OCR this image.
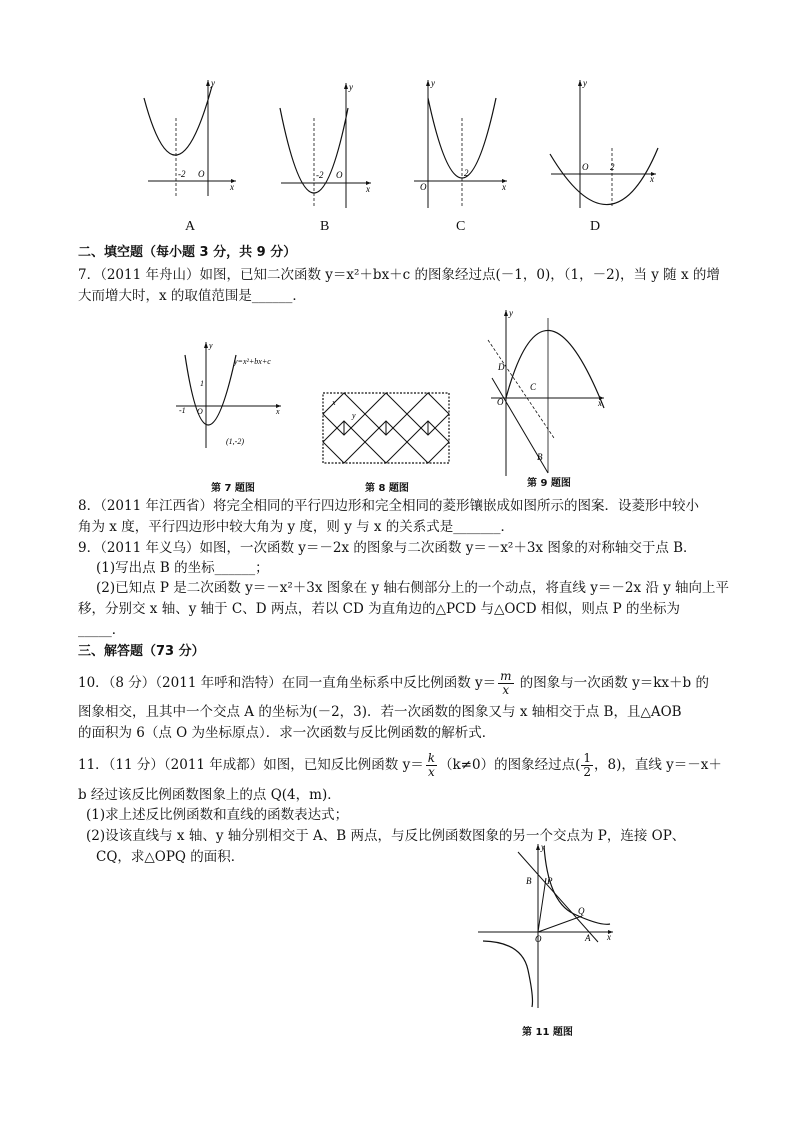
-2 O
x
y
-2 O
x
y
2
O	x
y
O 2
x
y
A	B	C	D
二、填空题（每小题 3 分，共 9 分）
7．（2011 年舟山）如图，已知二次函数 y＝x²＋bx＋c 的图象经过点(－1，0)，（1，－2)，当 y 随 x 的增
大而增大时，x 的取值范围是______．
y=x²+bx+c
1
-1 O
(1,-2)
x
y
x
y
D
C
O
B
x
y
第 7 题图	第 8 题图	第 9 题图
8．（2011 年江西省）将完全相同的平行四边形和完全相同的菱形镶嵌成如图所示的图案．设菱形中较小
角为 x 度，平行四边形中较大角为 y 度，则 y 与 x 的关系式是_______．
9．（2011 年义乌）如图，一次函数 y＝－2x 的图象与二次函数 y＝－x²＋3x 图象的对称轴交于点 B．
(1)写出点 B 的坐标______；
(2)已知点 P 是二次函数 y＝－x²＋3x 图象在 y 轴右侧部分上的一个动点，将直线 y＝－2x 沿 y 轴向上平
移，分别交 x 轴、y 轴于 C、D 两点，若以 CD 为直角边的△PCD 与△OCD 相似，则点 P 的坐标为
_____．
三、解答题（73 分）
10．（8 分）（2011 年呼和浩特）在同一直角坐标系中反比例函数 $y= \frac{m}{x}$ 的图象与一次函数 y＝kx＋b 的
图象相交，且其中一个交点 A 的坐标为(－2，3)．若一次函数的图象又与 x 轴相交于点 B，且△AOB
的面积为 6（点 O 为坐标原点）．求一次函数与反比例函数的解析式．
11．（11 分）（2011 年成都）如图，已知反比例函数 $y= \frac{k}{x} (k\ne 0)$的图象经过点( $\frac{1}{2}$ ，8)，直线 y＝－x＋
b 经过该反比例函数图象上的点 Q(4，m)．
(1)求上述反比例函数和直线的函数表达式；
(2)设该直线与 x 轴、y 轴分别相交于 A、B 两点，与反比例函数图象的另一个交点为 P，连接 OP、
CQ，求△OPQ 的面积．
B P
Q
O	A x
y
第 11 题图
